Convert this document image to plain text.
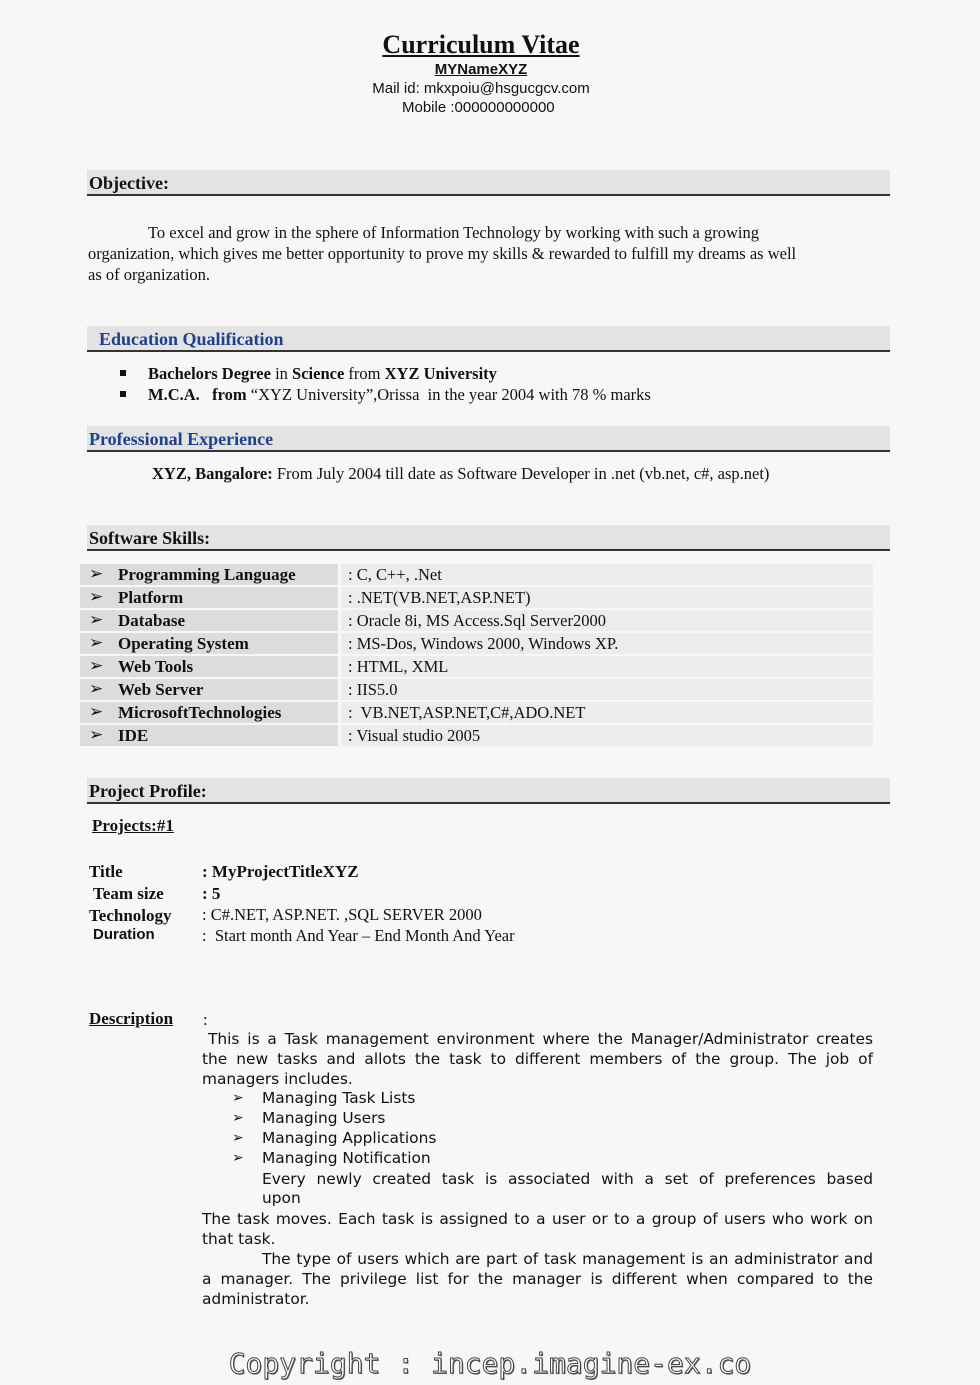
Curriculum Vitae
MYNameXYZ
Mail id: mkxpoiu@hsgucgcv.com
Mobile :000000000000
Objective:
To excel and grow in the sphere of Information Technology by working with such a growing
organization, which gives me better opportunity to prove my skills & rewarded to fulfill my dreams as well
as of organization.
Education Qualification
Bachelors Degree in Science from XYZ University
M.C.A.   from “XYZ University”,Orissa  in the year 2004 with 78 % marks
Professional Experience
XYZ, Bangalore: From July 2004 till date as Software Developer in .net (vb.net, c#, asp.net)
Software Skills:
➢ Programming Language	: C, C++, .Net
➢ Platform	: .NET(VB.NET,ASP.NET)
➢ Database	: Oracle 8i, MS Access.Sql Server2000
➢ Operating System	: MS-Dos, Windows 2000, Windows XP.
➢ Web Tools	: HTML, XML
➢ Web Server	: IIS5.0
➢ MicrosoftTechnologies	:  VB.NET,ASP.NET,C#,ADO.NET
➢ IDE	: Visual studio 2005
Project Profile:
Projects:#1
Title	: MyProjectTitleXYZ
Team size : 5
Technology : C#.NET, ASP.NET. ,SQL SERVER 2000
Duration	:  Start month And Year – End Month And Year
Description :
This is a Task management environment where the Manager/Administrator creates the new tasks and allots the task to different members of the group. The job of managers includes.
➢ Managing Task Lists
➢ Managing Users
➢ Managing Applications
➢ Managing Notification
Every newly created task is associated with a set of preferences based
upon
The task moves. Each task is assigned to a user or to a group of users who work on that task.
The type of users which are part of task management is an administrator and a manager. The privilege list for the manager is different when compared to the administrator.
Copyright : incep.imagine-ex.co
